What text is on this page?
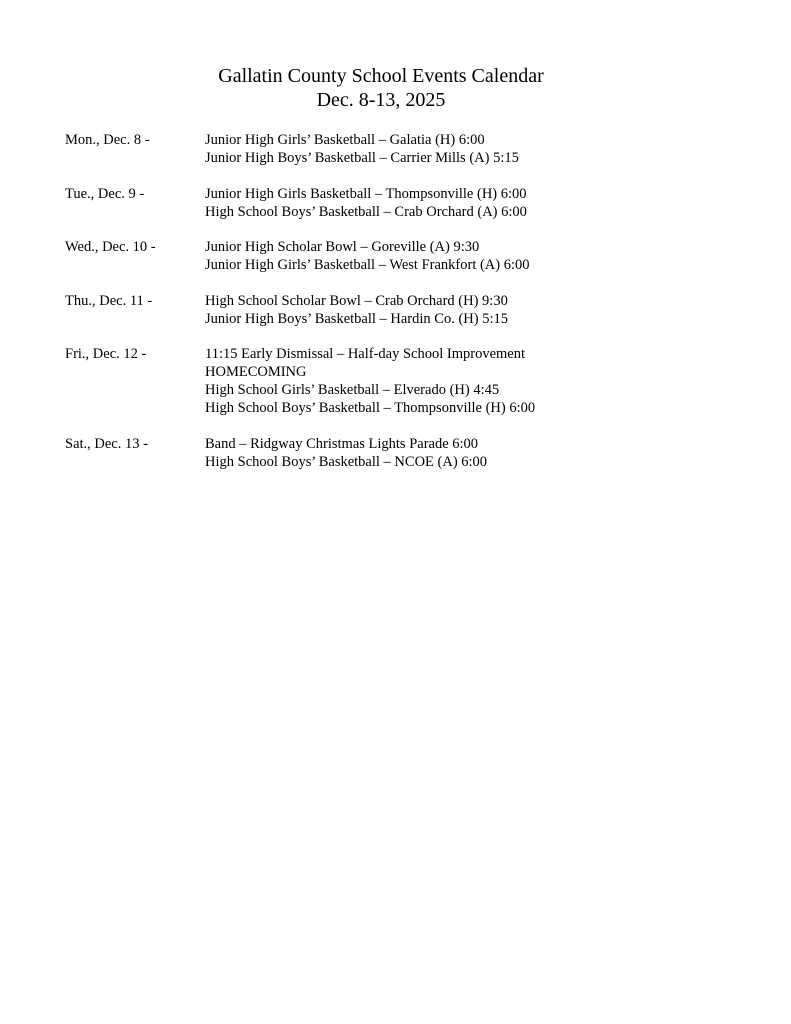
Gallatin County School Events Calendar
Dec. 8-13, 2025
Mon., Dec. 8 -	Junior High Girls’ Basketball – Galatia (H) 6:00
Junior High Boys’ Basketball – Carrier Mills (A) 5:15
Tue., Dec. 9 -	Junior High Girls Basketball – Thompsonville (H) 6:00
High School Boys’ Basketball – Crab Orchard (A) 6:00
Wed., Dec. 10 -	Junior High Scholar Bowl – Goreville (A) 9:30
Junior High Girls’ Basketball – West Frankfort (A) 6:00
Thu., Dec. 11 -	High School Scholar Bowl – Crab Orchard (H) 9:30
Junior High Boys’ Basketball – Hardin Co. (H) 5:15
Fri., Dec. 12 -	11:15 Early Dismissal – Half-day School Improvement
HOMECOMING
High School Girls’ Basketball – Elverado (H) 4:45
High School Boys’ Basketball – Thompsonville (H) 6:00
Sat., Dec. 13 -	Band – Ridgway Christmas Lights Parade 6:00
High School Boys’ Basketball – NCOE (A) 6:00
